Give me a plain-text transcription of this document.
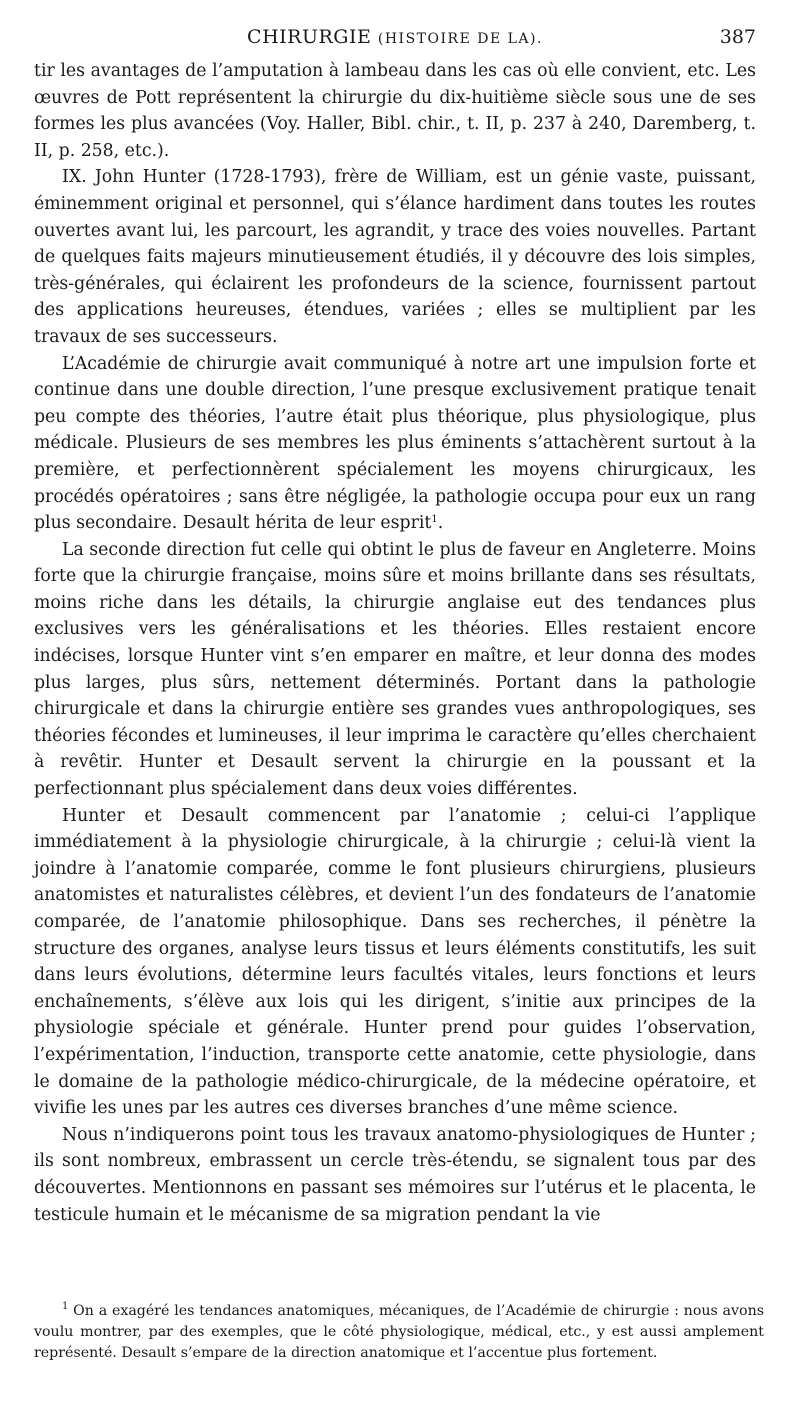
CHIRURGIE (HISTOIRE DE LA).	387

tir les avantages de l’amputation à lambeau dans les cas où elle convient, etc. Les œuvres de Pott représentent la chirurgie du dix-huitième siècle sous une de ses formes les plus avancées (Voy. Haller, Bibl. chir., t. II, p. 237 à 240, Daremberg, t. II, p. 258, etc.).

IX. John Hunter (1728-1793), frère de William, est un génie vaste, puissant, éminemment original et personnel, qui s’élance hardiment dans toutes les routes ouvertes avant lui, les parcourt, les agrandit, y trace des voies nouvelles. Partant de quelques faits majeurs minutieusement étudiés, il y découvre des lois simples, très-générales, qui éclairent les profondeurs de la science, fournissent partout des applications heureuses, étendues, variées ; elles se multiplient par les travaux de ses successeurs.

L’Académie de chirurgie avait communiqué à notre art une impulsion forte et continue dans une double direction, l’une presque exclusivement pratique tenait peu compte des théories, l’autre était plus théorique, plus physiologique, plus médicale. Plusieurs de ses membres les plus éminents s’attachèrent surtout à la première, et perfectionnèrent spécialement les moyens chirurgicaux, les procédés opératoires ; sans être négligée, la pathologie occupa pour eux un rang plus secondaire. Desault hérita de leur esprit$^1$.

La seconde direction fut celle qui obtint le plus de faveur en Angleterre. Moins forte que la chirurgie française, moins sûre et moins brillante dans ses résultats, moins riche dans les détails, la chirurgie anglaise eut des tendances plus exclusives vers les généralisations et les théories. Elles restaient encore indécises, lorsque Hunter vint s’en emparer en maître, et leur donna des modes plus larges, plus sûrs, nettement déterminés. Portant dans la pathologie chirurgicale et dans la chirurgie entière ses grandes vues anthropologiques, ses théories fécondes et lumineuses, il leur imprima le caractère qu’elles cherchaient à revêtir. Hunter et Desault servent la chirurgie en la poussant et la perfectionnant plus spécialement dans deux voies différentes.

Hunter et Desault commencent par l’anatomie ; celui-ci l’applique immédiatement à la physiologie chirurgicale, à la chirurgie ; celui-là vient la joindre à l’anatomie comparée, comme le font plusieurs chirurgiens, plusieurs anatomistes et naturalistes célèbres, et devient l’un des fondateurs de l’anatomie comparée, de l’anatomie philosophique. Dans ses recherches, il pénètre la structure des organes, analyse leurs tissus et leurs éléments constitutifs, les suit dans leurs évolutions, détermine leurs facultés vitales, leurs fonctions et leurs enchaînements, s’élève aux lois qui les dirigent, s’initie aux principes de la physiologie spéciale et générale. Hunter prend pour guides l’observation, l’expérimentation, l’induction, transporte cette anatomie, cette physiologie, dans le domaine de la pathologie médico-chirurgicale, de la médecine opératoire, et vivifie les unes par les autres ces diverses branches d’une même science.

Nous n’indiquerons point tous les travaux anatomo-physiologiques de Hunter ; ils sont nombreux, embrassent un cercle très-étendu, se signalent tous par des découvertes. Mentionnons en passant ses mémoires sur l’utérus et le placenta, le testicule humain et le mécanisme de sa migration pendant la vie

$^1$ On a exagéré les tendances anatomiques, mécaniques, de l’Académie de chirurgie : nous avons voulu montrer, par des exemples, que le côté physiologique, médical, etc., y est aussi amplement représenté. Desault s’empare de la direction anatomique et l’accentue plus fortement.
